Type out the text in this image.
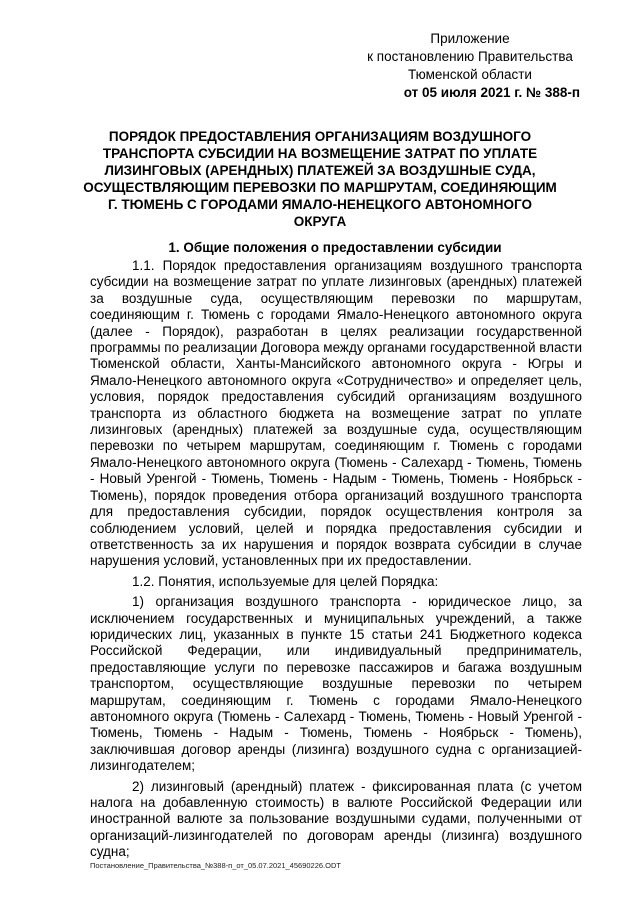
Приложение
к постановлению Правительства
Тюменской области
от 05 июля 2021 г. № 388-п
ПОРЯДОК ПРЕДОСТАВЛЕНИЯ ОРГАНИЗАЦИЯМ ВОЗДУШНОГО ТРАНСПОРТА СУБСИДИИ НА ВОЗМЕЩЕНИЕ ЗАТРАТ ПО УПЛАТЕ ЛИЗИНГОВЫХ (АРЕНДНЫХ) ПЛАТЕЖЕЙ ЗА ВОЗДУШНЫЕ СУДА, ОСУЩЕСТВЛЯЮЩИМ ПЕРЕВОЗКИ ПО МАРШРУТАМ, СОЕДИНЯЮЩИМ Г. ТЮМЕНЬ С ГОРОДАМИ ЯМАЛО-НЕНЕЦКОГО АВТОНОМНОГО ОКРУГА
1. Общие положения о предоставлении субсидии

1.1. Порядок предоставления организациям воздушного транспорта субсидии на возмещение затрат по уплате лизинговых (арендных) платежей за воздушные суда, осуществляющим перевозки по маршрутам, соединяющим г. Тюмень с городами Ямало-Ненецкого автономного округа (далее - Порядок), разработан в целях реализации государственной программы по реализации Договора между органами государственной власти Тюменской области, Ханты-Мансийского автономного округа - Югры и Ямало-Ненецкого автономного округа «Сотрудничество» и определяет цель, условия, порядок предоставления субсидий организациям воздушного транспорта из областного бюджета на возмещение затрат по уплате лизинговых (арендных) платежей за воздушные суда, осуществляющим перевозки по четырем маршрутам, соединяющим г. Тюмень с городами Ямало-Ненецкого автономного округа (Тюмень - Салехард - Тюмень, Тюмень - Новый Уренгой - Тюмень, Тюмень - Надым - Тюмень, Тюмень - Ноябрьск - Тюмень), порядок проведения отбора организаций воздушного транспорта для предоставления субсидии, порядок осуществления контроля за соблюдением условий, целей и порядка предоставления субсидии и ответственность за их нарушения и порядок возврата субсидии в случае нарушения условий, установленных при их предоставлении.

1.2. Понятия, используемые для целей Порядка:

1) организация воздушного транспорта - юридическое лицо, за исключением государственных и муниципальных учреждений, а также юридических лиц, указанных в пункте 15 статьи 241 Бюджетного кодекса Российской Федерации, или индивидуальный предприниматель, предоставляющие услуги по перевозке пассажиров и багажа воздушным транспортом, осуществляющие воздушные перевозки по четырем маршрутам, соединяющим г. Тюмень с городами Ямало-Ненецкого автономного округа (Тюмень - Салехард - Тюмень, Тюмень - Новый Уренгой - Тюмень, Тюмень - Надым - Тюмень, Тюмень - Ноябрьск - Тюмень), заключившая договор аренды (лизинга) воздушного судна с организацией-лизингодателем;

2) лизинговый (арендный) платеж - фиксированная плата (с учетом налога на добавленную стоимость) в валюте Российской Федерации или иностранной валюте за пользование воздушными судами, полученными от организаций-лизингодателей по договорам аренды (лизинга) воздушного судна;

Постановление_Правительства_№388-п_от_05.07.2021_45690226.ODT
